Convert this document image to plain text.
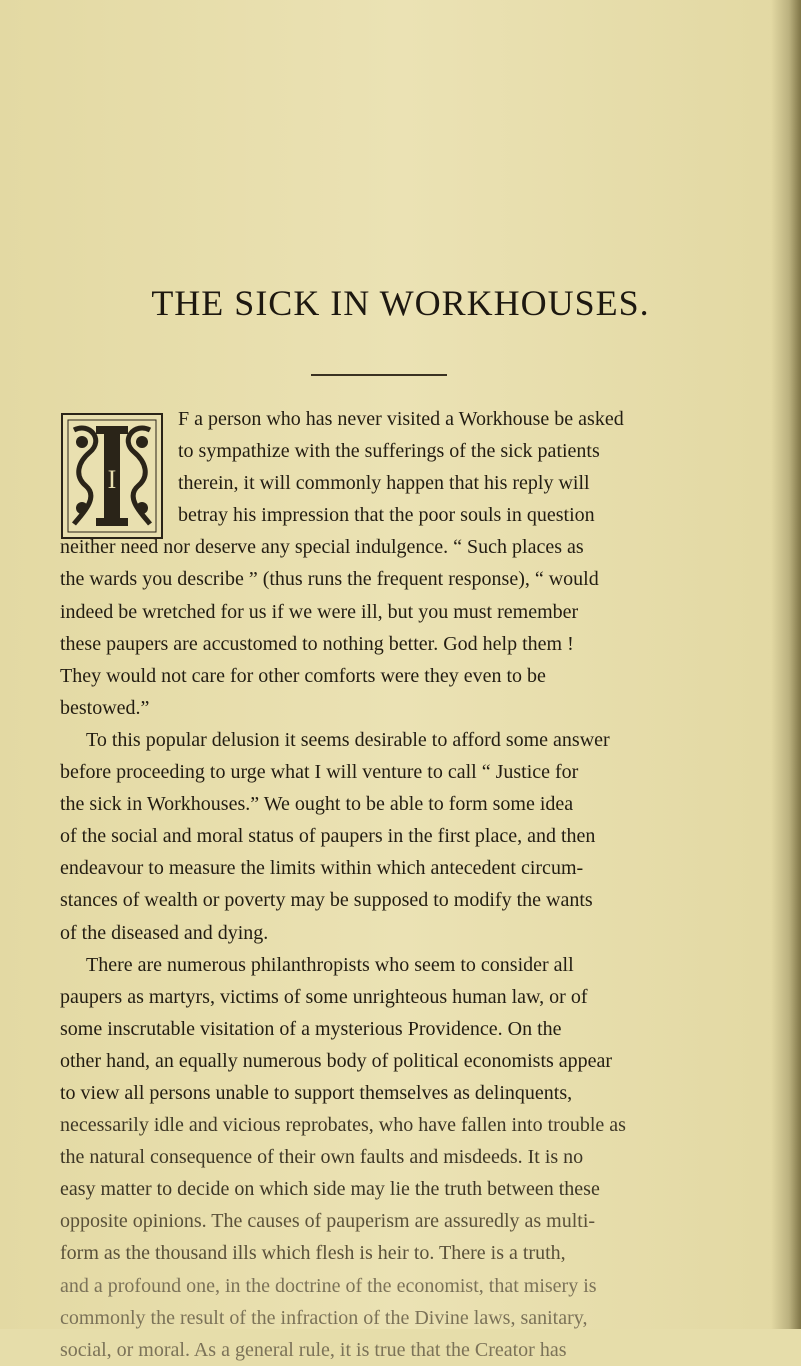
THE SICK IN WORKHOUSES.
I
F a person who has never visited a Workhouse be asked
to sympathize with the sufferings of the sick patients
therein, it will commonly happen that his reply will
betray his impression that the poor souls in question
neither need nor deserve any special indulgence. “ Such places as
the wards you describe ” (thus runs the frequent response), “ would
indeed be wretched for us if we were ill, but you must remember
these paupers are accustomed to nothing better. God help them !
They would not care for other comforts were they even to be
bestowed.”
To this popular delusion it seems desirable to afford some answer
before proceeding to urge what I will venture to call “ Justice for
the sick in Workhouses.” We ought to be able to form some idea
of the social and moral status of paupers in the first place, and then
endeavour to measure the limits within which antecedent circum-
stances of wealth or poverty may be supposed to modify the wants
of the diseased and dying.
There are numerous philanthropists who seem to consider all
paupers as martyrs, victims of some unrighteous human law, or of
some inscrutable visitation of a mysterious Providence. On the
other hand, an equally numerous body of political economists appear
to view all persons unable to support themselves as delinquents,
necessarily idle and vicious reprobates, who have fallen into trouble as
the natural consequence of their own faults and misdeeds. It is no
easy matter to decide on which side may lie the truth between these
opposite opinions. The causes of pauperism are assuredly as multi-
form as the thousand ills which flesh is heir to. There is a truth,
and a profound one, in the doctrine of the economist, that misery is
commonly the result of the infraction of the Divine laws, sanitary,
social, or moral. As a general rule, it is true that the Creator has
